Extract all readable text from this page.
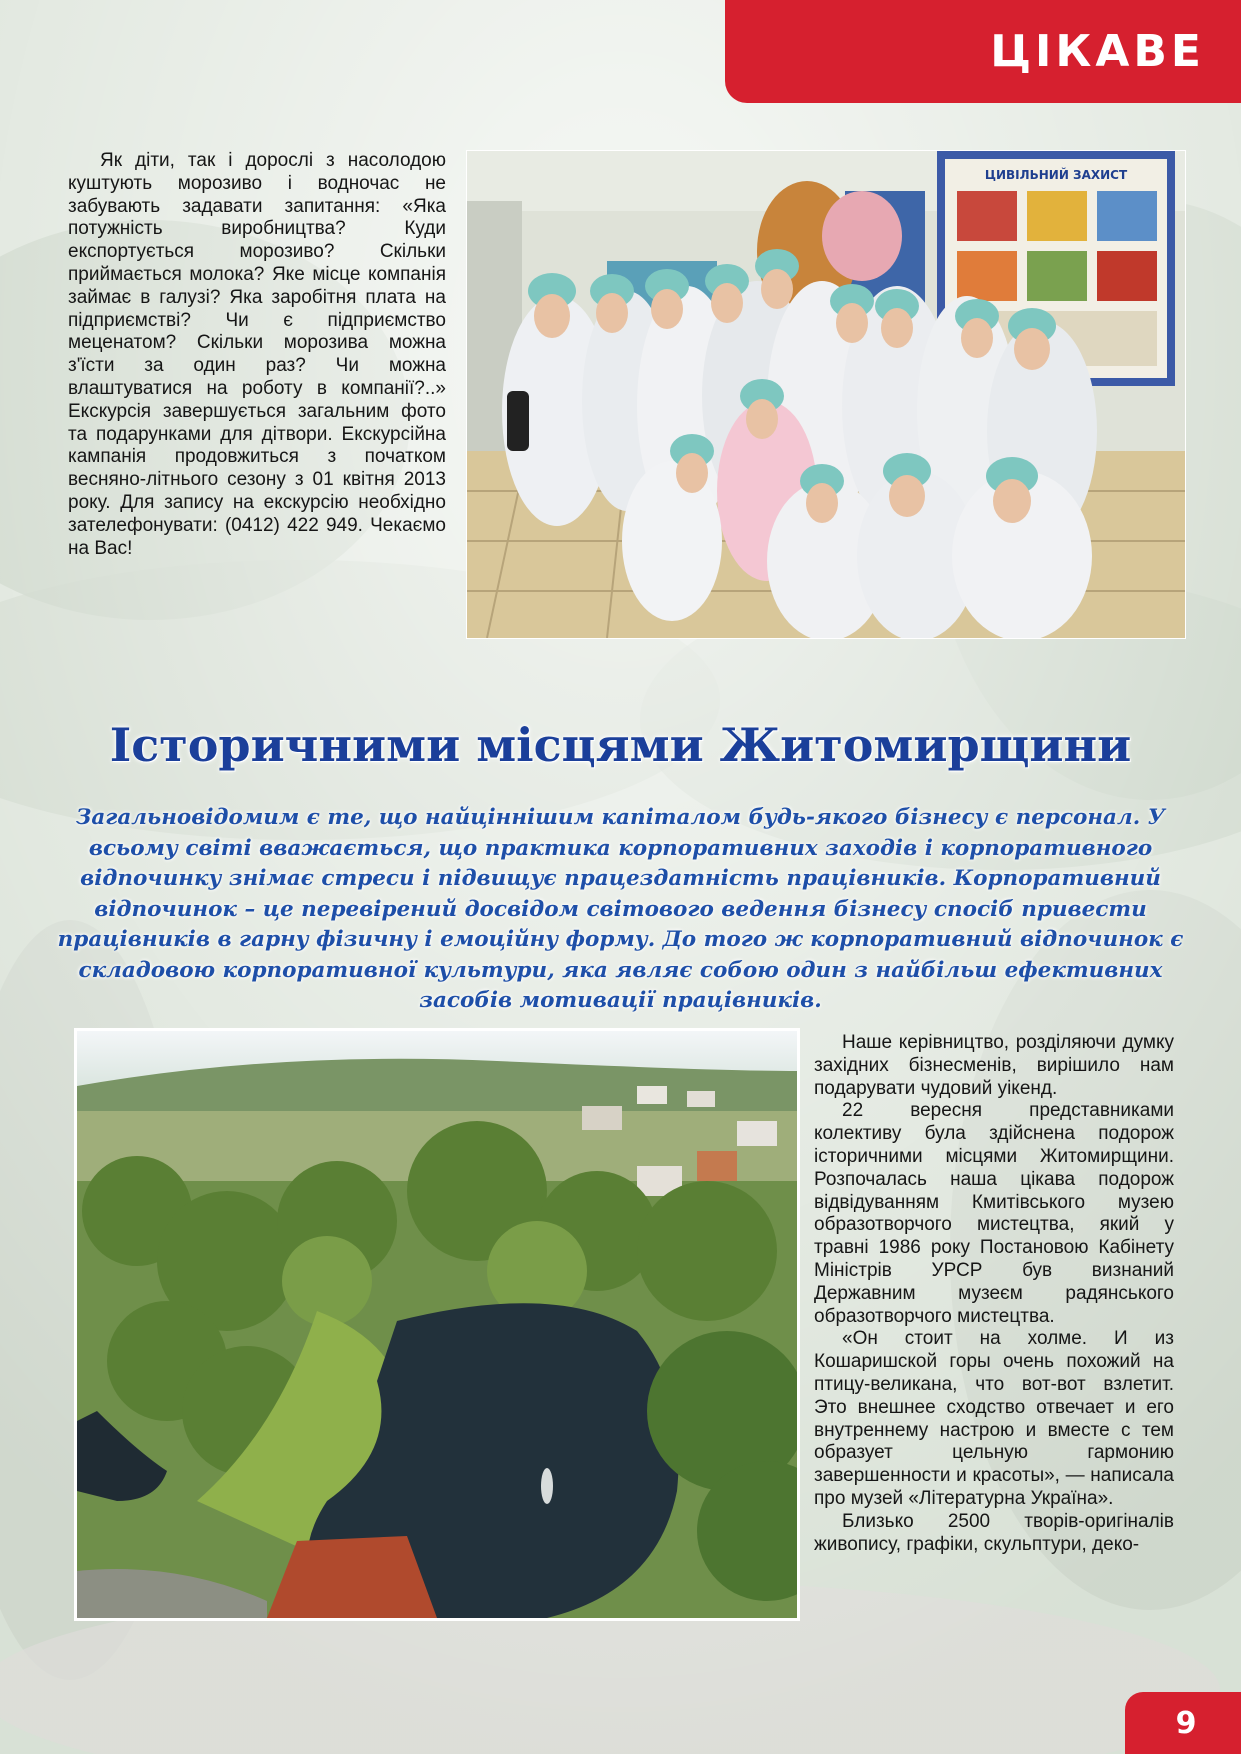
ЦІКАВЕ

Як діти, так і дорослі з насолодою куштують морозиво і водночас не забувають задавати запитання: «Яка потужність виробництва? Куди експортується морозиво? Скільки приймається молока? Яке місце компанія займає в галузі? Яка заробітня плата на підприємстві? Чи є підприємство меценатом? Скільки морозива можна з'їсти за один раз? Чи можна влаштуватися на роботу в компанії?..» Екскурсія завершується загальним фото та подарунками для дітвори. Екскурсійна кампанія продовжиться з початком весняно-літнього сезону з 01 квітня 2013 року. Для запису на екскурсію необхідно зателефонувати: (0412) 422 949. Чекаємо на Вас!

ЦИВІЛЬНИЙ ЗАХИСТ
Історичними місцями Житомирщини

Загальновідомим є те, що найціннішим капіталом будь-якого бізнесу є персонал. У всьому світі вважається, що практика корпоративних заходів і корпоративного відпочинку знімає стреси і підвищує працездатність працівників. Корпоративний відпочинок – це перевірений досвідом світового ведення бізнесу спосіб привести працівників в гарну фізичну і емоційну форму. До того ж корпоративний відпочинок є складовою корпоративної культури, яка являє собою один з найбільш ефективних засобів мотивації працівників.

Наше керівництво, розділяючи думку західних бізнесменів, вирішило нам подарувати чудовий уікенд.

22 вересня представниками колективу була здійснена подорож історичними місцями Житомирщини. Розпочалась наша цікава подорож відвідуванням Кмитівського музею образотворчого мистецтва, який у травні 1986 року Постановою Кабінету Міністрів УРСР був визнаний Державним музеєм радянського образотворчого мистецтва.

«Он стоит на холме. И из Кошаришской горы очень похожий на птицу-великана, что вот-вот взлетит. Это внешнее сходство отвечает и его внутреннему настрою и вместе с тем образует цельную гармонию завершенности и красоты», — написала про музей «Літературна Україна».

Близько 2500 творів-оригіналів живопису, графіки, скульптури, деко-

9
